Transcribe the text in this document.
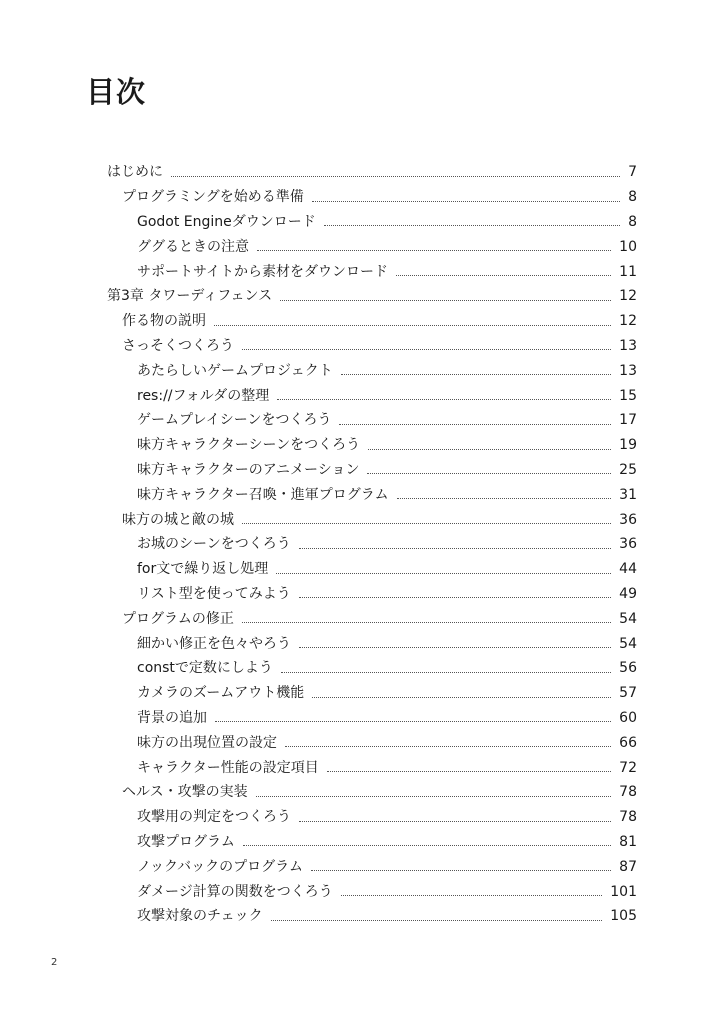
目次
はじめに	7
プログラミングを始める準備	8
Godot Engineダウンロード	8
ググるときの注意	10
サポートサイトから素材をダウンロード	11
第3章 タワーディフェンス	12
作る物の説明	12
さっそくつくろう	13
あたらしいゲームプロジェクト	13
res://フォルダの整理	15
ゲームプレイシーンをつくろう	17
味方キャラクターシーンをつくろう	19
味方キャラクターのアニメーション	25
味方キャラクター召喚・進軍プログラム	31
味方の城と敵の城	36
お城のシーンをつくろう	36
for文で繰り返し処理	44
リスト型を使ってみよう	49
プログラムの修正	54
細かい修正を色々やろう	54
constで定数にしよう	56
カメラのズームアウト機能	57
背景の追加	60
味方の出現位置の設定	66
キャラクター性能の設定項目	72
ヘルス・攻撃の実装	78
攻撃用の判定をつくろう	78
攻撃プログラム	81
ノックバックのプログラム	87
ダメージ計算の関数をつくろう	101
攻撃対象のチェック	105
2
